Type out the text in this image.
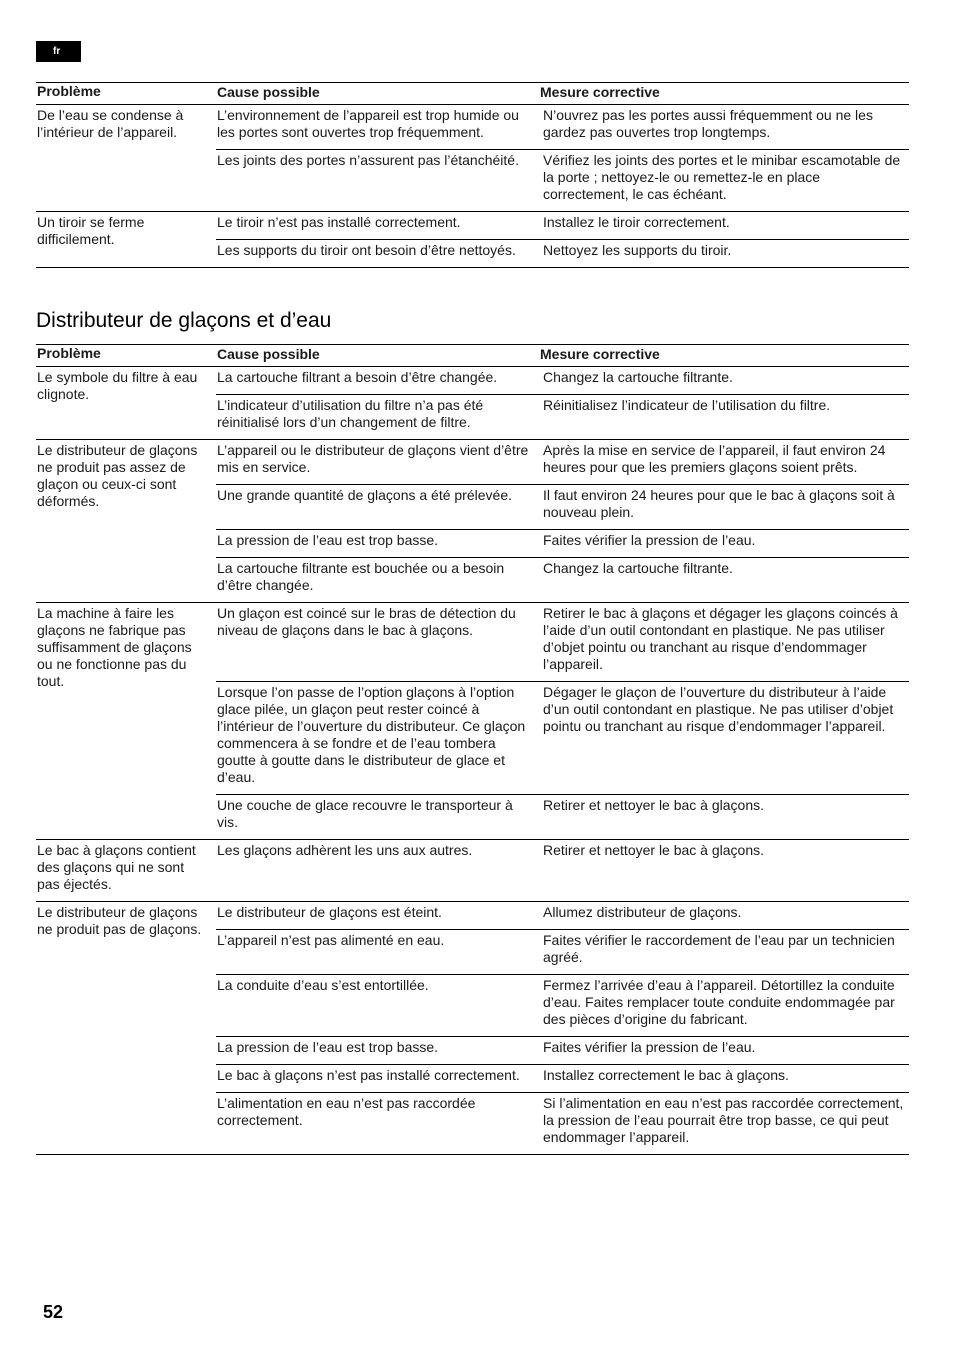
fr
Problème	Cause possible	Mesure corrective
De l’eau se condense à l’intérieur de l’appareil.	L’environnement de l’appareil est trop humide ou les portes sont ouvertes trop fréquemment.	N’ouvrez pas les portes aussi fréquemment ou ne les gardez pas ouvertes trop longtemps.
	Les joints des portes n’assurent pas l’étanchéité.	Vérifiez les joints des portes et le minibar escamotable de la porte ; nettoyez-le ou remettez-le en place correctement, le cas échéant.
Un tiroir se ferme difficilement.	Le tiroir n’est pas installé correctement.	Installez le tiroir correctement.
	Les supports du tiroir ont besoin d’être nettoyés.	Nettoyez les supports du tiroir.

Distributeur de glaçons et d’eau
Problème	Cause possible	Mesure corrective
Le symbole du filtre à eau clignote.	La cartouche filtrant a besoin d’être changée.	Changez la cartouche filtrante.
	L’indicateur d’utilisation du filtre n’a pas été réinitialisé lors d’un changement de filtre.	Réinitialisez l’indicateur de l’utilisation du filtre.
Le distributeur de glaçons ne produit pas assez de glaçon ou ceux-ci sont déformés.	L’appareil ou le distributeur de glaçons vient d’être mis en service.	Après la mise en service de l’appareil, il faut environ 24 heures pour que les premiers glaçons soient prêts.
	Une grande quantité de glaçons a été prélevée.	Il faut environ 24 heures pour que le bac à glaçons soit à nouveau plein.
	La pression de l’eau est trop basse.	Faites vérifier la pression de l’eau.
	La cartouche filtrante est bouchée ou a besoin d’être changée.	Changez la cartouche filtrante.
La machine à faire les glaçons ne fabrique pas suffisamment de glaçons ou ne fonctionne pas du tout.	Un glaçon est coincé sur le bras de détection du niveau de glaçons dans le bac à glaçons.	Retirer le bac à glaçons et dégager les glaçons coincés à l’aide d’un outil contondant en plastique. Ne pas utiliser d’objet pointu ou tranchant au risque d’endommager l’appareil.
	Lorsque l’on passe de l’option glaçons à l’option glace pilée, un glaçon peut rester coincé à l’intérieur de l’ouverture du distributeur. Ce glaçon commencera à se fondre et de l’eau tombera goutte à goutte dans le distributeur de glace et d’eau.	Dégager le glaçon de l’ouverture du distributeur à l’aide d’un outil contondant en plastique. Ne pas utiliser d’objet pointu ou tranchant au risque d’endommager l’appareil.
	Une couche de glace recouvre le transporteur à vis.	Retirer et nettoyer le bac à glaçons.
Le bac à glaçons contient des glaçons qui ne sont pas éjectés.	Les glaçons adhèrent les uns aux autres.	Retirer et nettoyer le bac à glaçons.
Le distributeur de glaçons ne produit pas de glaçons.	Le distributeur de glaçons est éteint.	Allumez distributeur de glaçons.
	L’appareil n’est pas alimenté en eau.	Faites vérifier le raccordement de l’eau par un technicien agréé.
	La conduite d’eau s’est entortillée.	Fermez l’arrivée d’eau à l’appareil. Détortillez la conduite d’eau. Faites remplacer toute conduite endommagée par des pièces d’origine du fabricant.
	La pression de l’eau est trop basse.	Faites vérifier la pression de l’eau.
	Le bac à glaçons n’est pas installé correctement.	Installez correctement le bac à glaçons.
	L’alimentation en eau n’est pas raccordée correctement.	Si l’alimentation en eau n’est pas raccordée correctement, la pression de l’eau pourrait être trop basse, ce qui peut endommager l’appareil.

52
